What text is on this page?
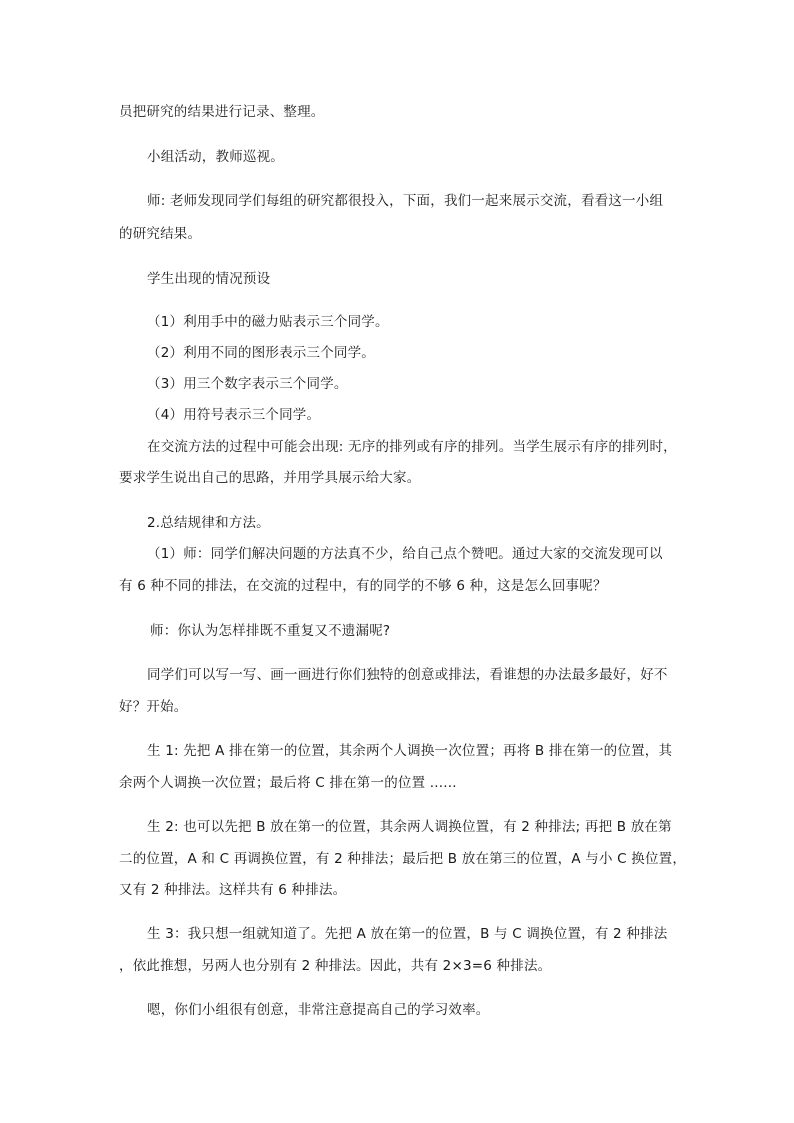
员把研究的结果进行记录、整理。
小组活动，教师巡视。
师: 老师发现同学们每组的研究都很投入，下面，我们一起来展示交流，看看这一小组
的研究结果。
学生出现的情况预设
（1）利用手中的磁力贴表示三个同学。
（2）利用不同的图形表示三个同学。
（3）用三个数字表示三个同学。
（4）用符号表示三个同学。
在交流方法的过程中可能会出现: 无序的排列或有序的排列。当学生展示有序的排列时，
要求学生说出自己的思路，并用学具展示给大家。
2.总结规律和方法。
（1）师：同学们解决问题的方法真不少，给自己点个赞吧。通过大家的交流发现可以
有 6 种不同的排法，在交流的过程中，有的同学的不够 6 种，这是怎么回事呢？
师：你认为怎样排既不重复又不遗漏呢?
同学们可以写一写、画一画进行你们独特的创意或排法，看谁想的办法最多最好，好不
好？开始。
生 1: 先把 A 排在第一的位置，其余两个人调换一次位置；再将 B 排在第一的位置，其
余两个人调换一次位置；最后将 C 排在第一的位置 ......
生 2: 也可以先把 B 放在第一的位置，其余两人调换位置，有 2 种排法; 再把 B 放在第
二的位置，A 和 C 再调换位置，有 2 种排法；最后把 B 放在第三的位置，A 与小 C 换位置，
又有 2 种排法。这样共有 6 种排法。
生 3：我只想一组就知道了。先把 A 放在第一的位置，B 与 C 调换位置，有 2 种排法
，依此推想，另两人也分别有 2 种排法。因此，共有 2×3=6 种排法。
嗯，你们小组很有创意，非常注意提高自己的学习效率。
